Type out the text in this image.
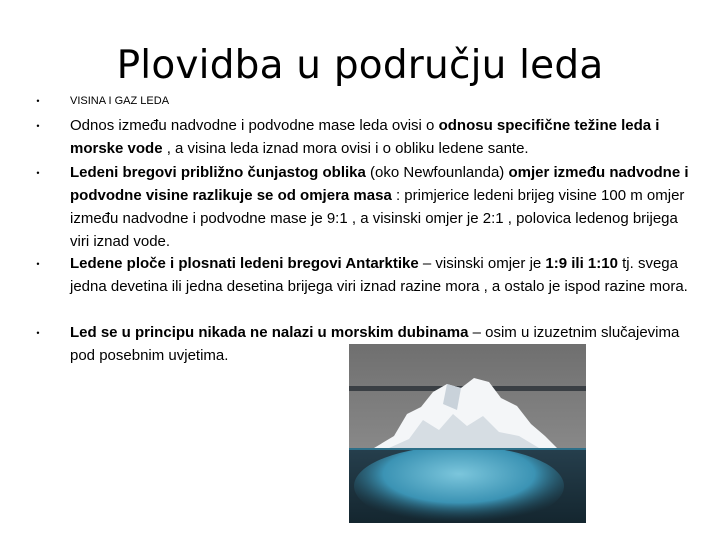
Plovidba u području leda
•	VISINA I GAZ LEDA
• Odnos između nadvodne i podvodne mase leda ovisi o odnosu specifične težine leda i morske vode , a visina leda iznad mora ovisi i o obliku ledene sante.
• Ledeni bregovi približno čunjastog oblika (oko Newfounlanda) omjer između nadvodne i podvodne visine razlikuje se od omjera masa : primjerice ledeni brijeg visine 100 m omjer između nadvodne i podvodne mase je 9:1 , a visinski omjer je 2:1 , polovica ledenog brijega viri iznad vode.
• Ledene ploče i plosnati ledeni bregovi Antarktike – visinski omjer je 1:9 ili 1:10 tj. svega jedna devetina ili jedna desetina brijega viri iznad razine mora , a ostalo je ispod razine mora.
• Led se u principu nikada ne nalazi u morskim dubinama – osim u izuzetnim slučajevima pod posebnim uvjetima.
